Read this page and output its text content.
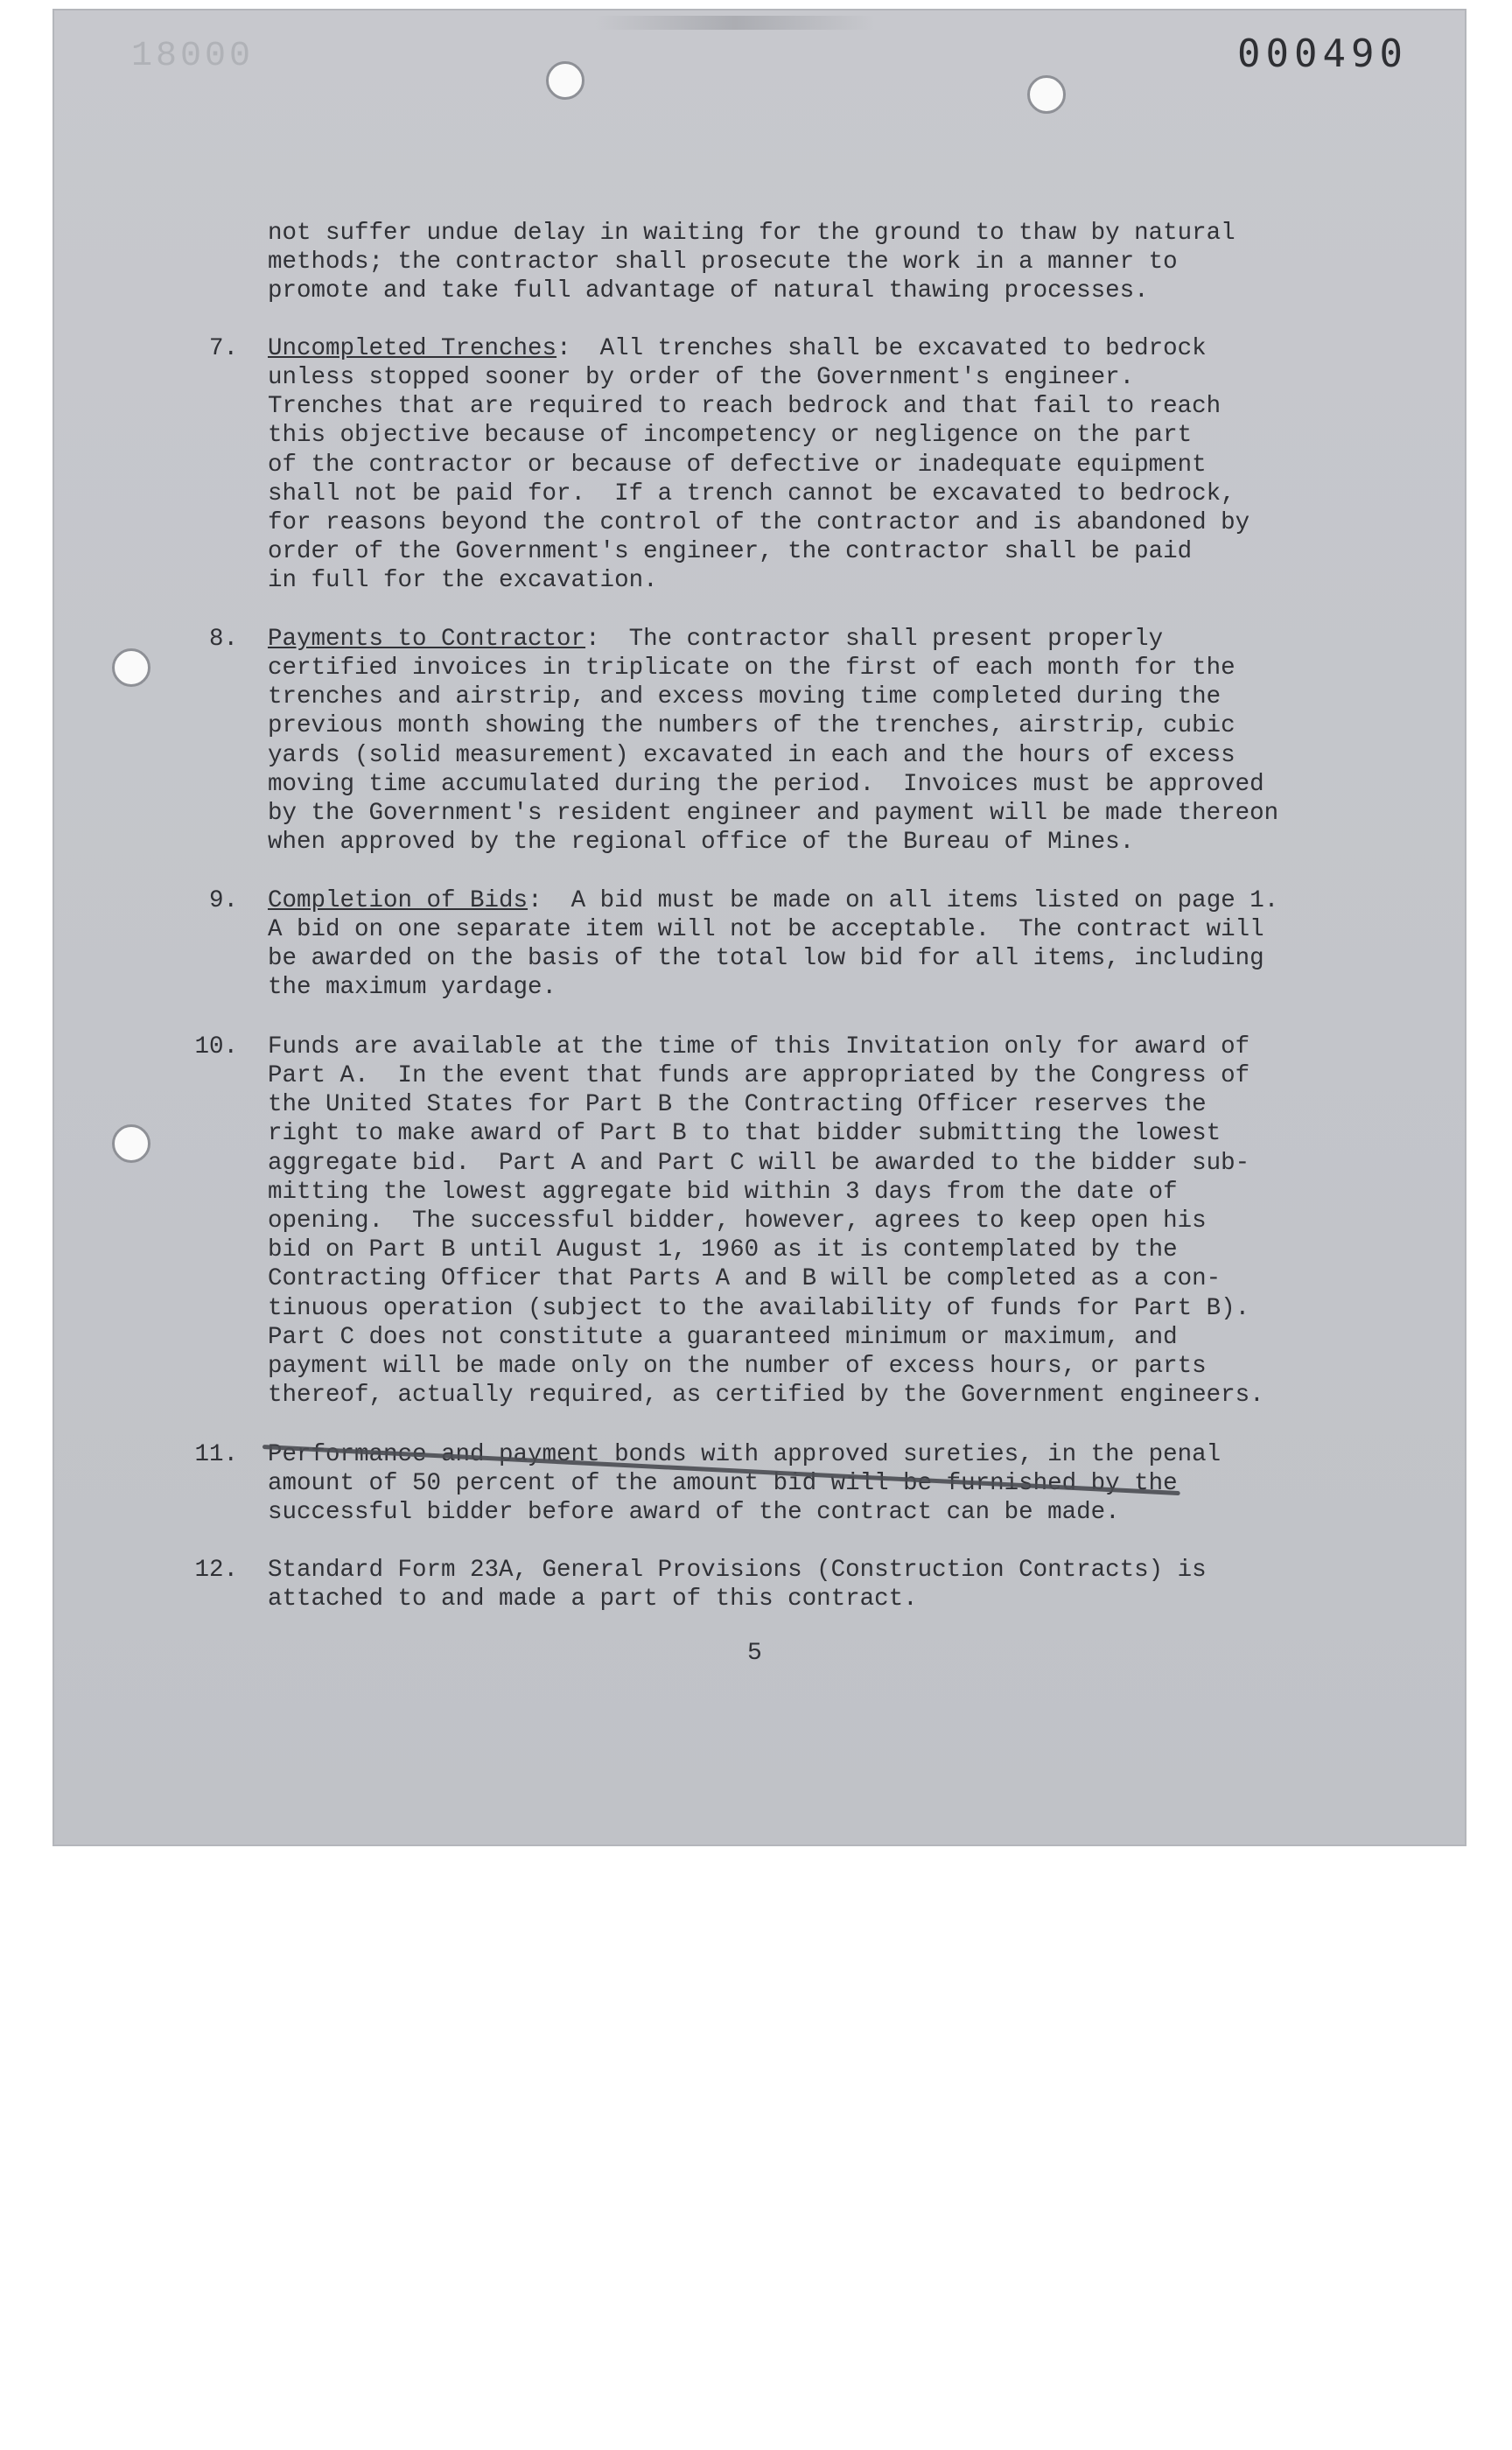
18000	000490
not suffer undue delay in waiting for the ground to thaw by natural
methods; the contractor shall prosecute the work in a manner to
promote and take full advantage of natural thawing processes.
7. Uncompleted Trenches:  All trenches shall be excavated to bedrock
unless stopped sooner by order of the Government's engineer.
Trenches that are required to reach bedrock and that fail to reach
this objective because of incompetency or negligence on the part
of the contractor or because of defective or inadequate equipment
shall not be paid for.  If a trench cannot be excavated to bedrock,
for reasons beyond the control of the contractor and is abandoned by
order of the Government's engineer, the contractor shall be paid
in full for the excavation.
8. Payments to Contractor:  The contractor shall present properly
certified invoices in triplicate on the first of each month for the
trenches and airstrip, and excess moving time completed during the
previous month showing the numbers of the trenches, airstrip, cubic
yards (solid measurement) excavated in each and the hours of excess
moving time accumulated during the period.  Invoices must be approved
by the Government's resident engineer and payment will be made thereon
when approved by the regional office of the Bureau of Mines.
9. Completion of Bids:  A bid must be made on all items listed on page 1.
A bid on one separate item will not be acceptable.  The contract will
be awarded on the basis of the total low bid for all items, including
the maximum yardage.
10. Funds are available at the time of this Invitation only for award of
Part A.  In the event that funds are appropriated by the Congress of
the United States for Part B the Contracting Officer reserves the
right to make award of Part B to that bidder submitting the lowest
aggregate bid.  Part A and Part C will be awarded to the bidder sub-
mitting the lowest aggregate bid within 3 days from the date of
opening.  The successful bidder, however, agrees to keep open his
bid on Part B until August 1, 1960 as it is contemplated by the
Contracting Officer that Parts A and B will be completed as a con-
tinuous operation (subject to the availability of funds for Part B).
Part C does not constitute a guaranteed minimum or maximum, and
payment will be made only on the number of excess hours, or parts
thereof, actually required, as certified by the Government engineers.
11. Performance and payment bonds with approved sureties, in the penal
amount of 50 percent of the amount bid will be  by the
successful bidder before award of the contract can be made.
12. Standard Form 23A, General Provisions (Construction Contracts) is
attached to and made a part of this contract.
5
